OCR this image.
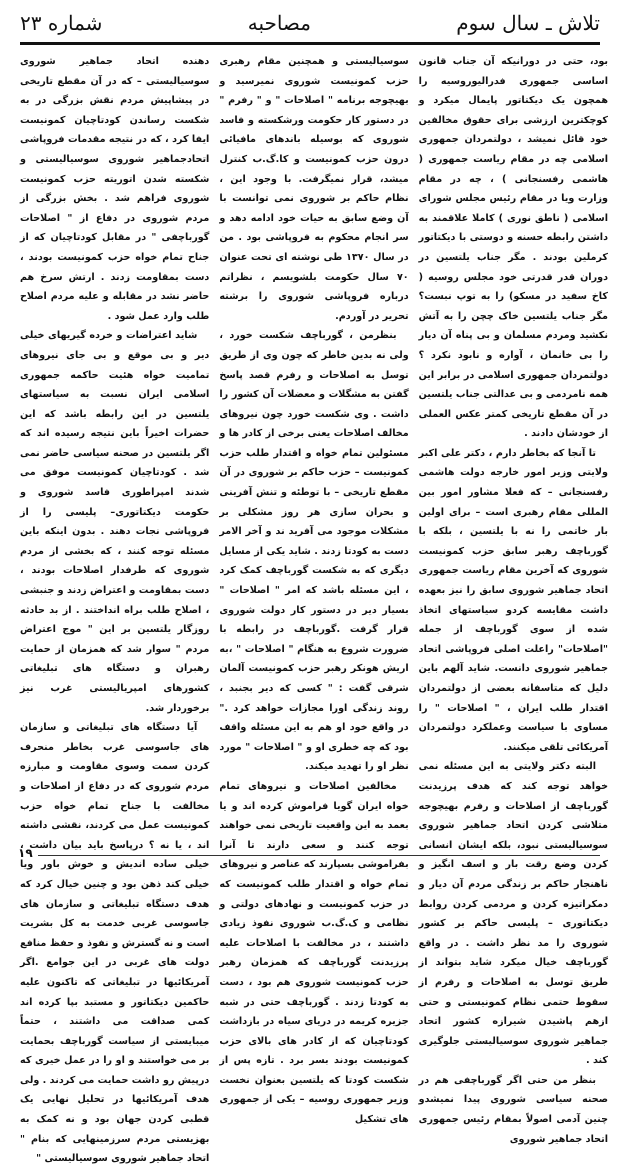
تلاش ـ سال سوم
مصاحبه
شماره ۲۳

بود، حتی در دورانیکه آن جناب قانون اساسی جمهوری فدرالیوروسیه را همچون یک دیکتاتور پایمال میکرد و کوچکترین ارزشی برای حقوق مخالفین خود قائل نمیشد ، دولتمردان جمهوری اسلامی چه در مقام ریاست جمهوری ( هاشمی رفسنجانی ) ، چه در مقام وزارت ویا در مقام رئیس مجلس شورای اسلامی ( ناطق نوری ) کاملا علاقمند به داشتن رابطه حسنه و دوستی با دیکتاتور کرملین بودند . مگر جناب یلتسین در دوران قدر قدرتی خود مجلس روسیه ( کاخ سفید در مسکو) را به توپ نبست؟ مگر جناب یلتسین خاک چچن را به آتش نکشید ومردم مسلمان و بی پناه آن دیار را بی خانمان ، آواره و نابود نکرد ؟ دولتمردان جمهوری اسلامی در برابر این همه نامردمی و بی عدالتی جناب یلتسین در آن مقطع تاریخی کمتر عکس العملی از خودشان دادند .

تا آنجا که بخاطر دارم ، دکتر علی اکبر ولایتی وزیر امور خارجه دولت هاشمی رفسنجانی – که فعلا مشاور امور بین المللی مقام رهبری است – برای اولین بار خاتمی را نه با یلتسین ، بلکه با گورباچف رهبر سابق حزب کمونیست شوروی که آخرین مقام ریاست جمهوری اتحاد جماهیر شوروی سابق را نیز بعهده داشت مقایسه کردو سیاستهای اتخاذ شده از سوی گورباچف از جمله "اصلاحات" راعلت اصلی فروپاشی اتحاد جماهیر شوروی دانست. شاید آلهم باین دلیل که متاسفانه بعضی از دولتمردان اقتدار طلب ایران ، " اصلاحات " را مساوی با سیاست وعملکرد دولتمردان آمریکائی تلقی میکنند.

البته دکتر ولایتی به این مسئله نمی خواهد توجه کند که هدف پرزیدنت گورباچف از اصلاحات و رفرم بهیچوجه متلاشی کردن اتحاد جماهیر شوروی سوسیالیستی نبود، بلکه ایشان انسانی کردن وضع رقت بار و اسف انگیز و ناهنجار حاکم بر زندگی مردم آن دیار و دمکراتیزه کردن و مردمی کردن روابط دیکتاتوری – پلیسی حاکم بر کشور شوروی را مد نظر داشت . در واقع گورباچف خیال میکرد شاید بتواند از طریق توسل به اصلاحات و رفرم از سقوط حتمی نظام کمونیستی و حتی ازهم پاشیدن شیرازه کشور اتحاد جماهیر شوروی سوسیالیستی جلوگیری کند .

بنظر من حتی اگر گورباچفی هم در صحنه سیاسی شوروی پیدا نمیشدو چنین آدمی اصولاً بمقام رئیس جمهوری اتحاد جماهیر شوروی

سوسیالیستی و همچنین مقام رهبری حزب کمونیست شوروی نمیرسید و بهیچوجه برنامه " اصلاحات " و " رفرم " در دستور کار حکومت ورشکسته و فاسد شوروی که بوسیله باندهای مافیائی درون حزب کمونیست و کا.گ.ب کنترل میشد، قرار نمیگرفت. با وجود این ، نظام حاکم بر شوروی نمی توانست با آن وضع سابق به حیات خود ادامه دهد و سر انجام محکوم به فروپاشی بود . من در سال ۱۳۷۰ طی نوشته ای تحت عنوان ۷۰ سال حکومت بلشویسم ، نظراتم درباره فروپاشی شوروی را برشته تحریر در آوردم.

بنظرمن ، گورباچف شکست خورد ، ولی نه بدین خاطر که چون وی از طریق توسل به اصلاحات و رفرم قصد پاسخ گفتن به مشگلات و معضلات آن کشور را داشت . وی شکست خورد چون نیروهای مخالف اصلاحات یعنی برخی از کادر ها و مسئولین تمام خواه و اقتدار طلب حزب کمونیست – حزب حاکم بر شوروی در آن مقطع تاریخی – با توطئه و تنش آفرینی و بحران سازی هر روز مشکلی بر مشکلات موجود می آفرید ند و آخر الامر دست به کودتا زدند . شاید یکی از مسایل دیگری که به شکست گورباچف کمک کرد ، این مسئله باشد که امر " اصلاحات " بسیار دیر در دستور کار دولت شوروی قرار گرفت .گورباچف در رابطه با ضرورت شروع به هنگام " اصلاحات " ،به اریش هونکر رهبر حزب کمونیست آلمان شرقی گفت : " کسی که دیر بجنبد ، روند زندگی اورا مجازات خواهد کرد ." در واقع خود او هم به این مسئله واقف بود که چه خطری او و " اصلاحات " مورد نظر او را تهدید میکند.

مخالفین اصلاحات و نیروهای تمام خواه ایران گویا فراموش کرده اند و یا بعمد به این واقعیت تاریخی نمی خواهند توجه کنند و سعی دارند تا آنرا بفراموشی بسپارند که عناصر و نیروهای تمام خواه و اقتدار طلب کمونیست که در حزب کمونیست و نهادهای دولتی و نظامی و ک.گ.ب شوروی نفوذ زیادی داشتند ، در مخالفت با اصلاحات علیه پرزیدنت گورباچف که همزمان رهبر حزب کمونیست شوروی هم بود ، دست به کودتا زدند . گورباچف حتی در شبه جزیره کریمه در دریای سیاه در بازداشت کودتاچیان که از کادر های بالای حزب کمونیست بودند بسر برد . تازه پس از شکست کودتا که یلتسین بعنوان نخست وزیر جمهوری روسیه – یکی از جمهوری های تشکیل

دهنده اتحاد جماهیر شوروی سوسیالیستی – که در آن مقطع تاریخی در پیشاپیش مردم نقش بزرگی در به شکست رساندن کودتاچیان کمونیست ایفا کرد ، که در نتیجه مقدمات فروپاشی اتحادجماهیر شوروی سوسیالیستی و شکسته شدن اتوریته حزب کمونیست شوروی فراهم شد . بخش بزرگی از مردم شوروی در دفاع از " اصلاحات گورباچفی " در مقابل کودتاچیان که از جناح تمام خواه حزب کمونیست بودند ، دست بمقاومت زدند . ارتش سرخ هم حاضر نشد در مقابله و علیه مردم اصلاح طلب وارد عمل شود .

شاید اعتراضات و خرده گیریهای خیلی دیر و بی موقع و بی جای نیروهای تمامیت خواه هئیت حاکمه جمهوری اسلامی ایران نسبت به سیاستهای یلتسین در این رابطه باشد که این حضرات اخیراً باین نتیجه رسیده اند که اگر یلتسین در صحنه سیاسی حاضر نمی شد . کودتاچیان کمونیست موفق می شدند امپراطوری فاسد شوروی و حکومت دیکتاتوری– پلیسی را از فروپاشی نجات دهند . بدون اینکه باین مسئله توجه کنند ، که بخشی از مردم شوروی که طرفدار اصلاحات بودند ، دست بمقاومت و اعتراض زدند و جنبشی ، اصلاح طلب براه انداختند . از بد حادثه روزگار یلتسین بر این " موج اعتراض مردم " سوار شد که همزمان از حمایت رهبران و دستگاه های تبلیغاتی کشورهای امپریالیستی غرب نیز برخوردار شد.

آیا دستگاه های تبلیغاتی و سازمان های جاسوسی غرب بخاطر منحرف کردن سمت وسوی مقاومت و مبارزه مردم شوروی که در دفاع از اصلاحات و مخالفت با جناح تمام خواه حزب کمونیست عمل می کردند، نقشی داشته اند ، یا نه ؟ درپاسخ باید بیان داشت ، خیلی ساده اندیش و خوش باور ویا خیلی کند ذهن بود و چنین خیال کرد که هدف دستگاه تبلیغاتی و سازمان های جاسوسی غربی خدمت به کل بشریت است و نه گسترش و نفوذ و حفظ منافع دولت های غربی در این جوامع .اگر آمریکائیها در تبلیغاتی که تاکنون علیه حاکمین دیکتاتور و مستبد بپا کرده اند کمی صداقت می داشتند ، حتماً میبایستی از سیاست گورباچف بحمایت بر می خواستند و او را در عمل خیری که درپیش رو داشت حمایت می کردند . ولی هدف آمریکائیها در تحلیل نهایی یک قطبی کردن جهان بود و نه کمک به بهزیستی مردم سرزمینهایی که بنام " اتحاد جماهیر شوروی سوسیالیستی "

۱۹
